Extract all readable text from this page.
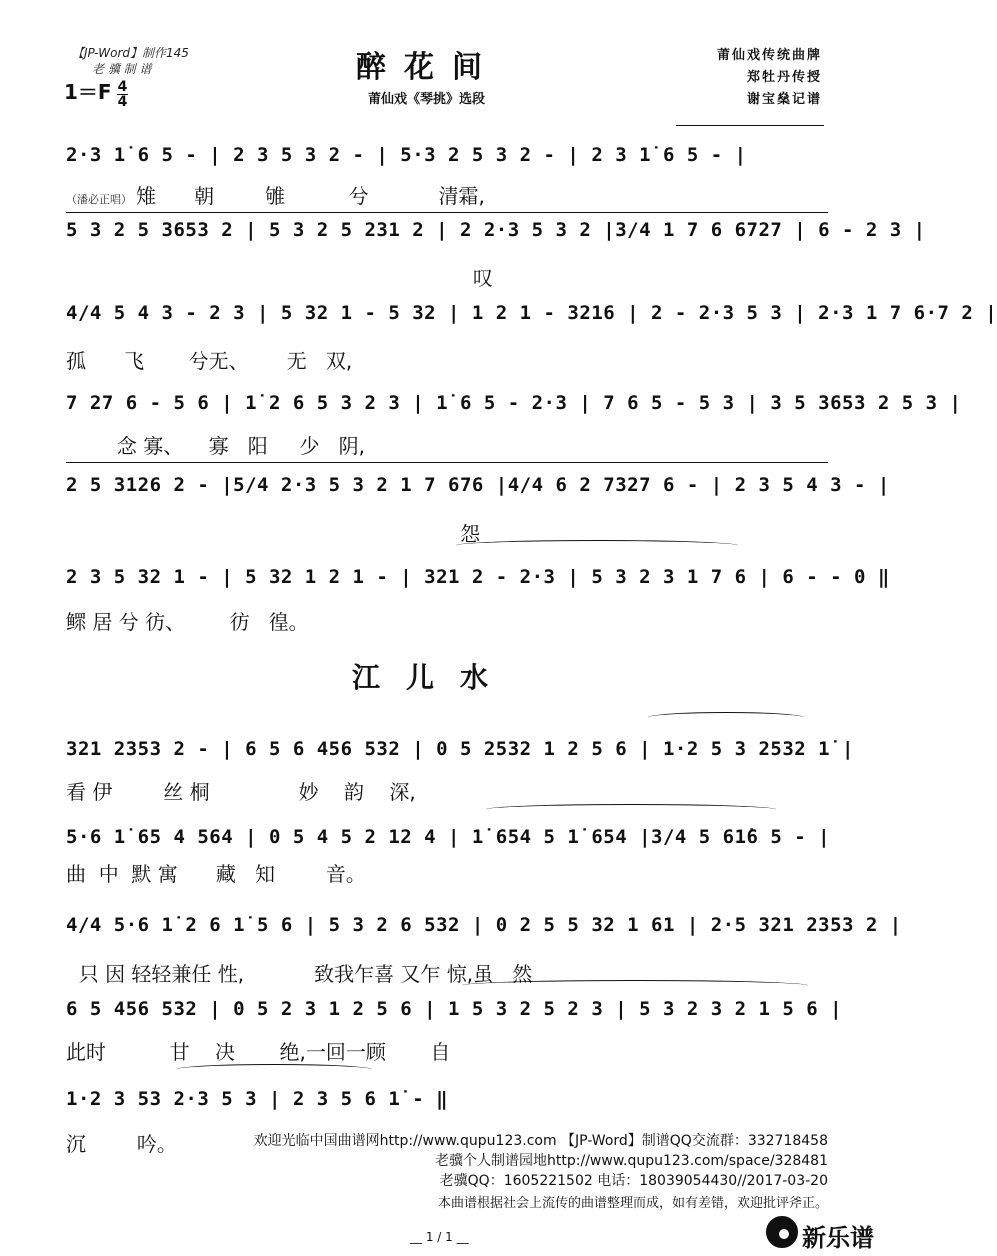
【JP-Word】制作145
老 骥 制 谱
$1=F \frac{4}{4}$
醉花间
莆仙戏《琴挑》选段
莆仙戏传统曲牌
郑牡丹传授
谢宝燊记谱
2·3 1̇ 6 5 - | 2 3 5 3 2 - | 5·3 2 5 3 2 - | 2 3 1̇ 6 5 - |
（潘必正唱） 雉      朝        雊          兮           清霜,
5 3 2 5 3653 2 | 5 3 2 5 231 2 | 2 2·3 5 3 2 |3/4 1 7 6 6727 | 6 - 2 3 |
叹
4/4 5 4 3 - 2 3 | 5 32 1 - 5 32 | 1 2 1 - 3216 | 2 - 2·3 5 3 | 2·3 1 7 6·7 2 |
孤      飞       兮无、      无   双,
7 27 6 - 5 6 | 1̇ 2 6 5 3 2 3 | 1̇ 6 5 - 2·3 | 7 6 5 - 5 3 | 3 5 3653 2 5 3 |
念 寡、    寡   阳     少   阴,
2 5 3126 2 - |5/4 2·3 5 3 2 1 7 676 |4/4 6 2 7327 6 - | 2 3 5 4 3 - |
怨
2 3 5 32 1 - | 5 32 1 2 1 - | 321 2 - 2·3 | 5 3 2 3 1 7 6 | 6 - - 0 ‖
鳏 居 兮 彷、       彷   徨。
江儿水
321 2353 2 - | 6 5 6 456 532 | 0 5 2532 1 2 5 6 | 1·2 5 3 2532 1̇ |
看 伊        丝 桐              妙    韵    深,
5·6 1̇ 65 4 564 | 0 5 4 5 2 12 4 | 1̇ 654 5 1̇ 654 |3/4 5 61̇6 5 - |
曲  中  默 寓      藏   知        音。
4/4 5·6 1̇ 2 6 1̇ 5 6 | 5 3 2 6 532 | 0 2 5 5 32 1 61 | 2·5 321 2353 2 |
只 因 轻轻兼任 性,           致我乍喜 又乍 惊,虽   然
6 5 456 532 | 0 5 2 3 1 2 5 6 | 1 5 3 2 5 2 3 | 5 3 2 3 2 1 5 6 |
此时          甘    决       绝,一回一顾       自
1·2 3 53 2·3 5 3 | 2 3 5 6 1̇ - ‖
沉        吟。	欢迎光临中国曲谱网http://www.qupu123.com 【JP-Word】制谱QQ交流群：332718458
老骥个人制谱园地http://www.qupu123.com/space/328481
老骥QQ：1605221502 电话：18039054430//2017-03-20
本曲谱根据社会上流传的曲谱整理而成，如有差错，欢迎批评斧正。
__ 1 / 1 __	新乐谱
